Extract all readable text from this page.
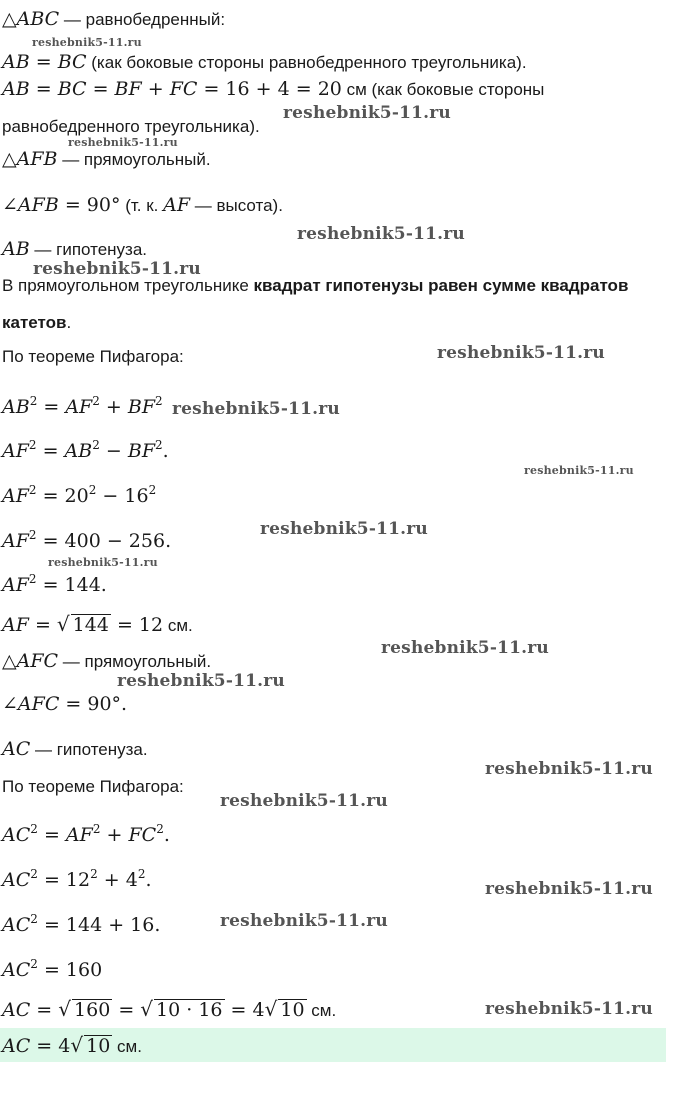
△ABC — равнобедренный:
AB = BC (как боковые стороны равнобедренного треугольника).
AB = BC = BF + FC = 16 + 4 = 20 см (как боковые стороны
равнобедренного треугольника).
△AFB — прямоугольный.
∠AFB = 90° (т. к. AF — высота).
AB — гипотенуза.
В прямоугольном треугольнике квадрат гипотенузы равен сумме квадратов
катетов.
По теореме Пифагора:
$AB^2 = AF^2 + BF^2$
$AF^2 = AB^2 - BF^2$.
$AF^2 = 20^2 - 16^2$
$AF^2 = 400 - 256$.
$AF^2 = 144$.
AF = √ 144 = 12 см.
△AFC — прямоугольный.
∠AFC = 90°.
AC — гипотенуза.
По теореме Пифагора:
$AC^2 = AF^2 + FC^2$.
$AC^2 = 12^2 + 4^2$.
$AC^2 = 144 + 16$.
$AC^2 = 160$
AC = √ 160 = √ 10 · 16 = 4√ 10 см.
AC = 4√ 10 см.
reshebnik5-11.ru
reshebnik5-11.ru
reshebnik5-11.ru
reshebnik5-11.ru
reshebnik5-11.ru
reshebnik5-11.ru
reshebnik5-11.ru
reshebnik5-11.ru
reshebnik5-11.ru
reshebnik5-11.ru
reshebnik5-11.ru
reshebnik5-11.ru
reshebnik5-11.ru
reshebnik5-11.ru
reshebnik5-11.ru
reshebnik5-11.ru
reshebnik5-11.ru
